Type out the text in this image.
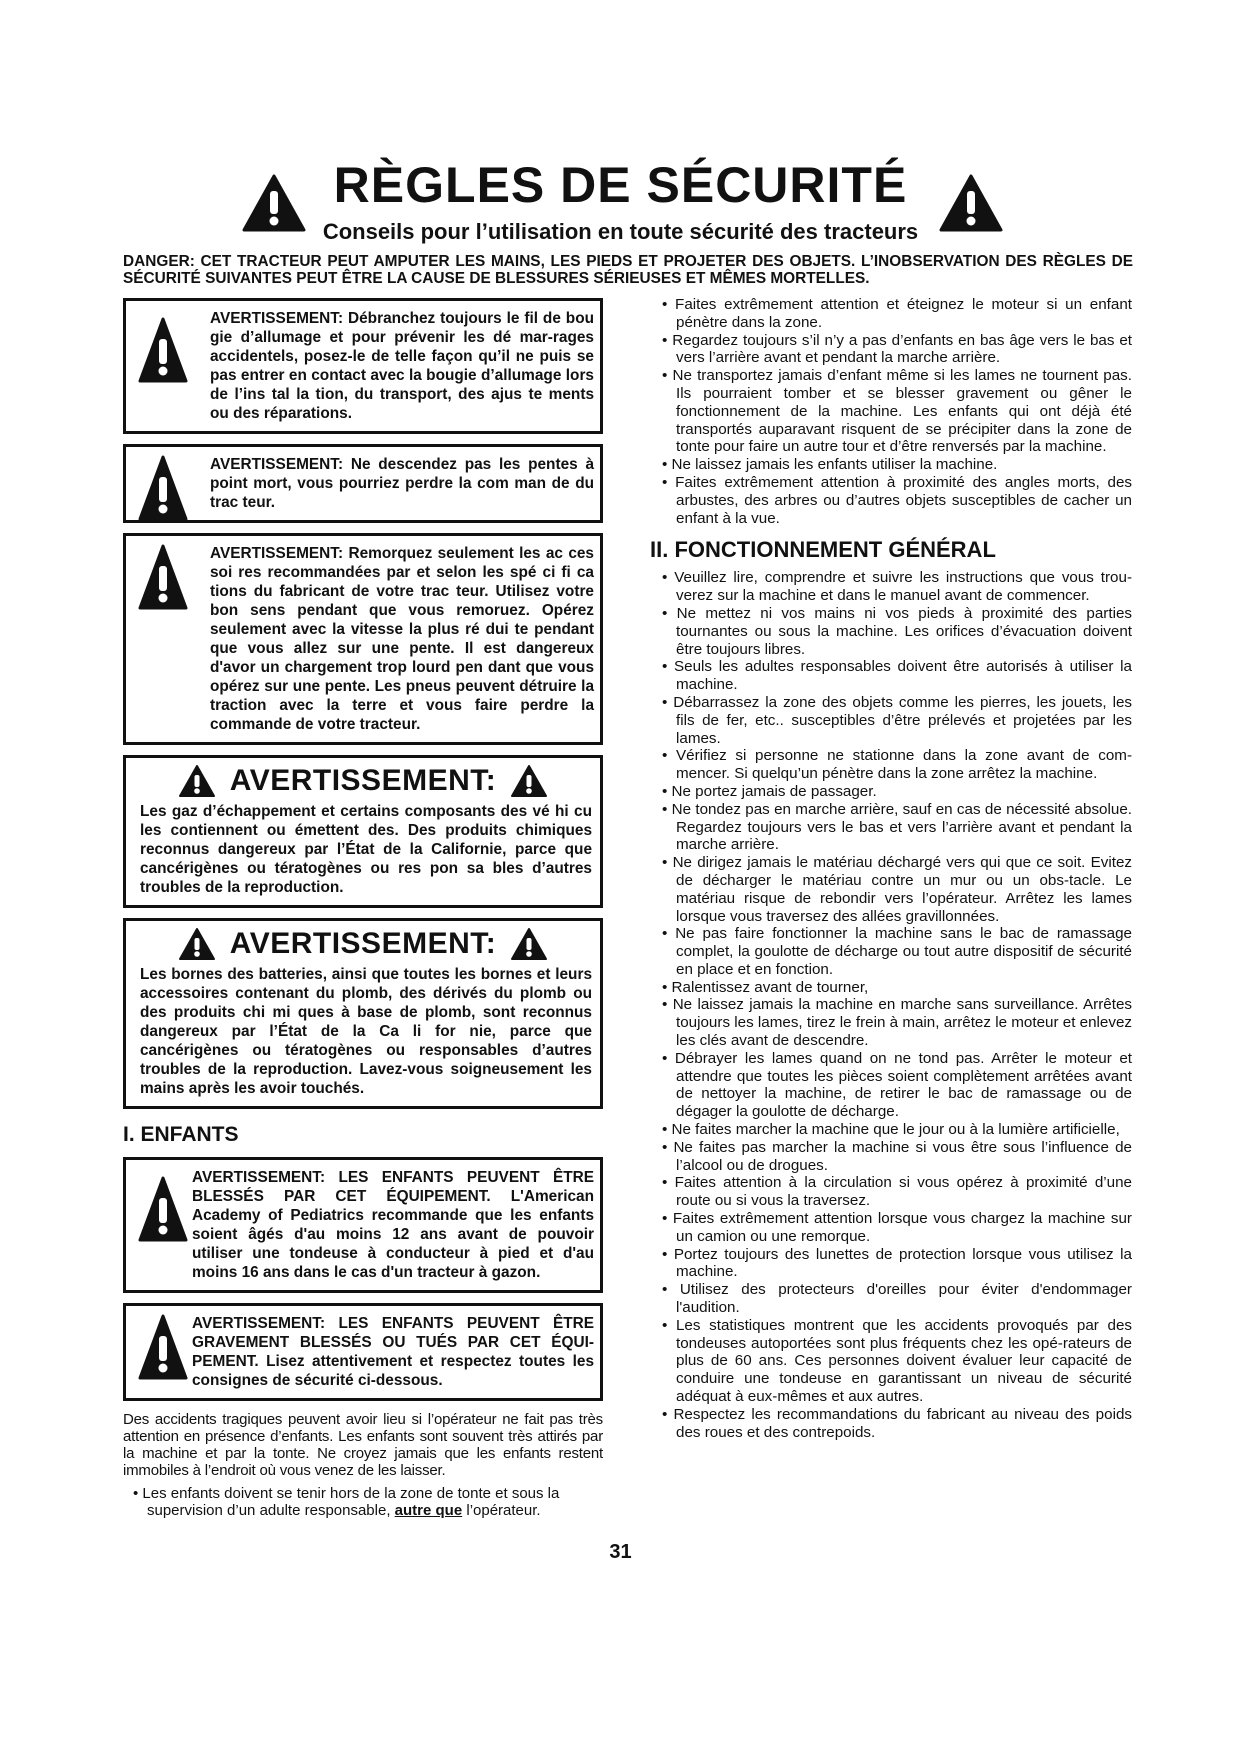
RÈGLES DE SÉCURITÉ
Conseils pour l’utilisation en toute sécurité des tracteurs
DANGER: CET TRACTEUR PEUT AMPUTER LES MAINS, LES PIEDS ET PROJETER DES OBJETS. L’INOBSERVATION DES RÈGLES DE SÉCURITÉ SUIVANTES PEUT ÊTRE LA CAUSE DE BLESSURES SÉRIEUSES ET MÊMES MORTELLES.
AVERTISSEMENT: Débranchez toujours le fil de bou gie d’allumage et pour prévenir les dé mar-rages accidentels, posez-le de telle façon qu’il ne puis se pas entrer en contact avec la bougie d’allumage lors de l’ins tal la tion, du transport, des ajus te ments ou des réparations.
AVERTISSEMENT: Ne descendez pas les pentes à point mort, vous pourriez perdre la com man de du trac teur.
AVERTISSEMENT: Remorquez seulement les ac ces soi res recommandées par et selon les spé ci fi ca tions du fabricant de votre trac teur. Utilisez votre bon sens pendant que vous remoruez. Opérez seulement avec la vitesse la plus ré dui te pendant que vous allez sur une pente. Il est dangereux d'avor un chargement trop lourd pen dant que vous opérez sur une pente. Les pneus peuvent détruire la traction avec la terre et vous faire perdre la commande de votre tracteur.
AVERTISSEMENT:
Les gaz d’échappement et certains composants des vé hi cu les contiennent ou émettent des. Des produits chimiques reconnus dangereux par l’État de la Californie, parce que cancérigènes ou tératogènes ou res pon sa bles d’autres troubles de la reproduction.
AVERTISSEMENT:
Les bornes des batteries, ainsi que toutes les bornes et leurs accessoires contenant du plomb, des dérivés du plomb ou des produits chi mi ques à base de plomb, sont reconnus dangereux par l’État de la Ca li for nie, parce que cancérigènes ou tératogènes ou responsables d’autres troubles de la reproduction. Lavez-vous soigneusement les mains après les avoir touchés.
I. ENFANTS
AVERTISSEMENT: LES ENFANTS PEUVENT ÊTRE BLESSÉS PAR CET ÉQUIPEMENT. L'American Academy of Pediatrics recommande que les enfants soient âgés d'au moins 12 ans avant de pouvoir utiliser une tondeuse à conducteur à pied et d'au moins 16 ans dans le cas d'un tracteur à gazon.
AVERTISSEMENT: LES ENFANTS PEUVENT ÊTRE GRAVEMENT BLESSÉS OU TUÉS PAR CET ÉQUI-PEMENT. Lisez attentivement et respectez toutes les consignes de sécurité ci-dessous.
Des accidents tragiques peuvent avoir lieu si l’opérateur ne fait pas très attention en présence d’enfants. Les enfants sont souvent très attirés par la machine et par la tonte. Ne croyez jamais que les enfants restent immobiles à l’endroit où vous venez de les laisser.
• Les enfants doivent se tenir hors de la zone de tonte et sous la supervision d’un adulte responsable, autre que l’opérateur.
• Faites extrêmement attention et éteignez le moteur si un enfant pénètre dans la zone.
• Regardez toujours s’il n’y a pas d’enfants en bas âge vers le bas et vers l’arrière avant et pendant la marche arrière.
• Ne transportez jamais d’enfant même si les lames ne tournent pas. Ils pourraient tomber et se blesser gravement ou gêner le fonctionnement de la machine. Les enfants qui ont déjà été transportés auparavant risquent de se précipiter dans la zone de tonte pour faire un autre tour et d’être renversés par la machine.
• Ne laissez jamais les enfants utiliser la machine.
• Faites extrêmement attention à proximité des angles morts, des arbustes, des arbres ou d’autres objets susceptibles de cacher un enfant à la vue.
II. FONCTIONNEMENT GÉNÉRAL
• Veuillez lire, comprendre et suivre les instructions que vous trou-verez sur la machine et dans le manuel avant de commencer.
• Ne mettez ni vos mains ni vos pieds à proximité des parties tournantes ou sous la machine. Les orifices d’évacuation doivent être toujours libres.
• Seuls les adultes responsables doivent être autorisés à utiliser la machine.
• Débarrassez la zone des objets comme les pierres, les jouets, les fils de fer, etc.. susceptibles d’être prélevés et projetées par les lames.
• Vérifiez si personne ne stationne dans la zone avant de com-mencer. Si quelqu’un pénètre dans la zone arrêtez la machine.
• Ne portez jamais de passager.
• Ne tondez pas en marche arrière, sauf en cas de nécessité absolue. Regardez toujours vers le bas et vers l’arrière avant et pendant la marche arrière.
• Ne dirigez jamais le matériau déchargé vers qui que ce soit. Evitez de décharger le matériau contre un mur ou un obs-tacle. Le matériau risque de rebondir vers l’opérateur. Arrêtez les lames lorsque vous traversez des allées gravillonnées.
• Ne pas faire fonctionner la machine sans le bac de ramassage complet, la goulotte de décharge ou tout autre dispositif de sécurité en place et en fonction.
• Ralentissez avant de tourner,
• Ne laissez jamais la machine en marche sans surveillance. Arrêtes toujours les lames, tirez le frein à main, arrêtez le moteur et enlevez les clés avant de descendre.
• Débrayer les lames quand on ne tond pas. Arrêter le moteur et attendre que toutes les pièces soient complètement arrêtées avant de nettoyer la machine, de retirer le bac de ramassage ou de dégager la goulotte de décharge.
• Ne faites marcher la machine que le jour ou à la lumière artificielle,
• Ne faites pas marcher la machine si vous être sous l’influence de l’alcool ou de drogues.
• Faites attention à la circulation si vous opérez à proximité d’une route ou si vous la traversez.
• Faites extrêmement attention lorsque vous chargez la machine sur un camion ou une remorque.
• Portez toujours des lunettes de protection lorsque vous utilisez la machine.
• Utilisez des protecteurs d'oreilles pour éviter d'endommager l'audition.
• Les statistiques montrent que les accidents provoqués par des tondeuses autoportées sont plus fréquents chez les opé-rateurs de plus de 60 ans. Ces personnes doivent évaluer leur capacité de conduire une tondeuse en garantissant un niveau de sécurité adéquat à eux-mêmes et aux autres.
• Respectez les recommandations du fabricant au niveau des poids des roues et des contrepoids.
31
